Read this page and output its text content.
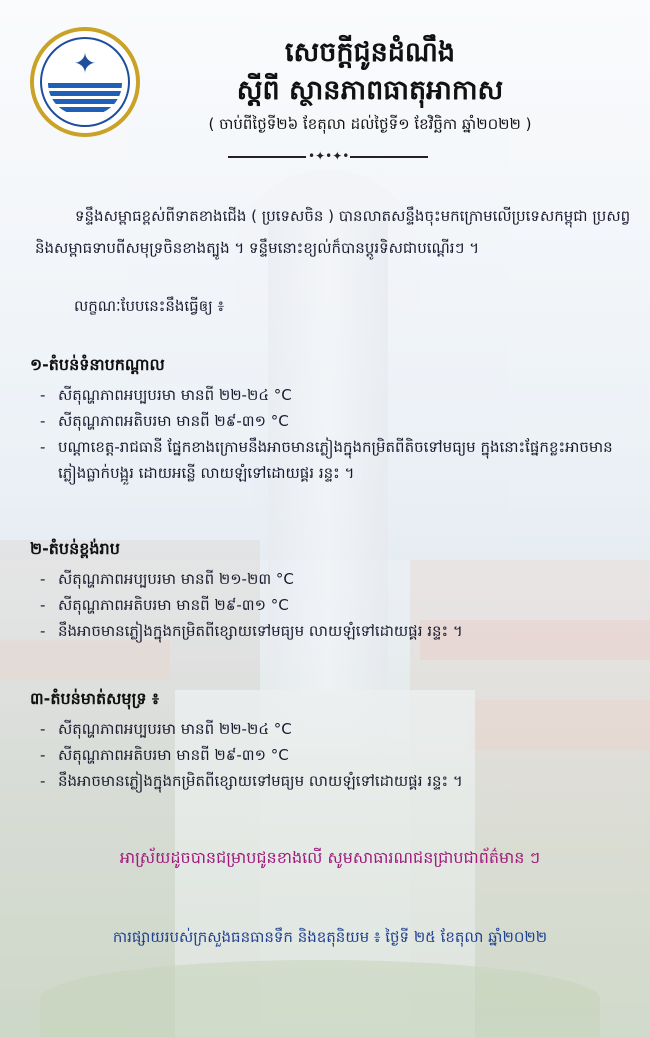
✦	សេចក្តីជូនដំណឹង
ស្តីពី ស្ថានភាពធាតុអាកាស
( ចាប់ពីថ្ងៃទី២៦ ខែតុលា ដល់ថ្ងៃទី១ ខែវិច្ឆិកា ឆ្នាំ២០២២ )
•✦•✦•
ទន្ទឹងសម្ពាធខ្ពស់ពីទាតខាងជើង ( ប្រទេសចិន ) បានលាតសន្ទឹងចុះមកក្រោមលើប្រទេសកម្ពុជា ប្រសព្វនិងសម្ពាធទាបពីសមុទ្រចិនខាងត្បូង ។ ទន្ទឹមនោះខ្យល់ក៏បានប្តូរទិសជាបណ្តើរៗ ។
លក្ខណៈបែបនេះនឹងធ្វើឲ្យ ៖
១-តំបន់ទំនាបកណ្ដាល
- សីតុណ្ហភាពអប្បបរមា មានពី ២២-២៤ °C
- សីតុណ្ហភាពអតិបរមា មានពី ២៩-៣១ °C
- បណ្ដាខេត្ត-រាជធានី ផ្នែកខាងក្រោមនឹងអាចមានភ្លៀងក្នុងកម្រិតពីតិចទៅមធ្យម ក្នុងនោះផ្នែកខ្លះអាចមានភ្លៀងធ្លាក់បង្អួរ ដោយអន្លើ លាយឡំទៅដោយផ្គរ រន្ទះ ។
២-តំបន់ខ្ពង់រាប
- សីតុណ្ហភាពអប្បបរមា មានពី ២១-២៣ °C
- សីតុណ្ហភាពអតិបរមា មានពី ២៩-៣១ °C
- នឹងអាចមានភ្លៀងក្នុងកម្រិតពីខ្សោយទៅមធ្យម លាយឡំទៅដោយផ្គរ រន្ទះ ។
៣-តំបន់មាត់សមុទ្រ ៖
- សីតុណ្ហភាពអប្បបរមា មានពី ២២-២៤ °C
- សីតុណ្ហភាពអតិបរមា មានពី ២៩-៣១ °C
- នឹងអាចមានភ្លៀងក្នុងកម្រិតពីខ្សោយទៅមធ្យម លាយឡំទៅដោយផ្គរ រន្ទះ ។
អាស្រ័យដូចបានជម្រាបជូនខាងលើ សូមសាធារណជនជ្រាបជាព័ត៌មាន ៗ
ការផ្សាយរបស់ក្រសួងធនធានទឹក និងឧតុនិយម ៖ ថ្ងៃទី ២៥ ខែតុលា ឆ្នាំ២០២២
